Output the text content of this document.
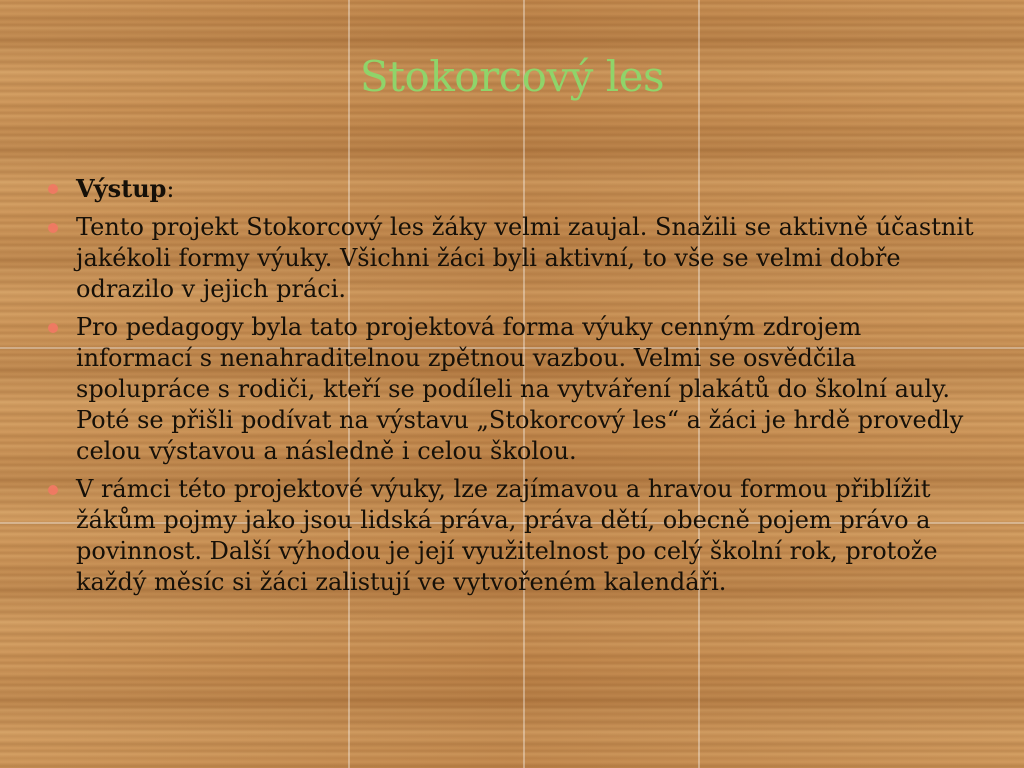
Stokorcový les
Výstup:
Tento projekt Stokorcový les žáky velmi zaujal. Snažili se aktivně účastnit jakékoli formy výuky. Všichni žáci byli aktivní, to vše se velmi dobře odrazilo v jejich práci.
Pro pedagogy byla tato projektová forma výuky cenným zdrojem informací s nenahraditelnou zpětnou vazbou. Velmi se osvědčila spolupráce s rodiči, kteří se podíleli na vytváření plakátů do školní auly. Poté se přišli podívat na výstavu „Stokorcový les“ a žáci je hrdě provedly celou výstavou a následně i celou školou.
V rámci této projektové výuky, lze zajímavou a hravou formou přiblížit žákům pojmy jako jsou lidská práva, práva dětí, obecně pojem právo a povinnost. Další výhodou je její využitelnost po celý školní rok, protože každý měsíc si žáci zalistují ve vytvořeném kalendáři.
